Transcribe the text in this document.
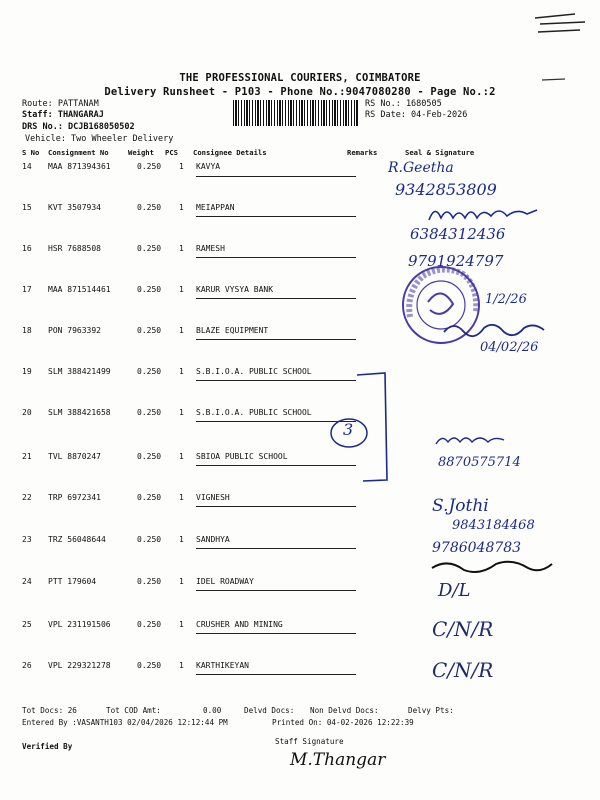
THE PROFESSIONAL COURIERS, COIMBATORE
Delivery Runsheet - P103 - Phone No.:9047080280 - Page No.:2
Route: PATTANAM
Staff: THANGARAJ
DRS No.: DCJB168050502
Vehicle: Two Wheeler Delivery
RS No.: 1680505
RS Date: 04-Feb-2026
S No Consignment No	Weight PCS Consignee Details	Remarks	Seal & Signature
14 MAA 871394361	0.250 1 KAVYA
15 KVT 3507934	0.250 1 MEIAPPAN
16 HSR 7688508	0.250 1 RAMESH
17 MAA 871514461	0.250 1 KARUR VYSYA BANK
18 PON 7963392	0.250 1 BLAZE EQUIPMENT
19 SLM 388421499	0.250 1 S.B.I.O.A. PUBLIC SCHOOL
20 SLM 388421658	0.250 1 S.B.I.O.A. PUBLIC SCHOOL
21 TVL 8870247	0.250 1 SBIOA PUBLIC SCHOOL
22 TRP 6972341	0.250 1 VIGNESH
23 TRZ 56048644	0.250 1 SANDHYA
24 PTT 179604	0.250 1 IDEL ROADWAY
25 VPL 231191506	0.250 1 CRUSHER AND MINING
26 VPL 229321278	0.250 1 KARTHIKEYAN
3
R.Geetha
9342853809
6384312436
9791924797
1/2/26
04/02/26
8870575714
S.Jothi
9843184468
9786048783
D/L
C/N/R
C/N/R
Tot Docs: 26	Tot COD Amt:	0.00	Delvd Docs: Non Delvd Docs:	Delvy Pts:
Entered By :VASANTH103 02/04/2026 12:12:44 PM	Printed On: 04-02-2026 12:22:39
Verified By
Staff Signature
M.Thangar
